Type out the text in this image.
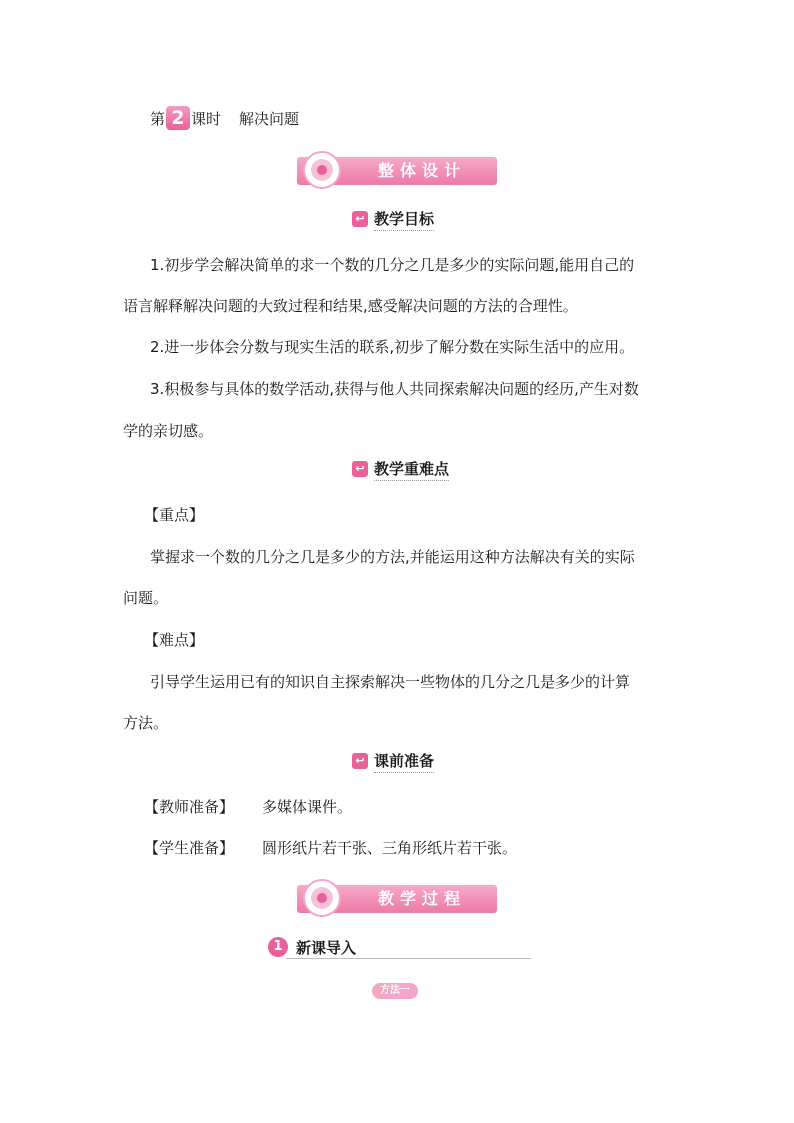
第 2 课时 解决问题
整体设计
↩ 教学目标
1.初步学会解决简单的求一个数的几分之几是多少的实际问题,能用自己的
语言解释解决问题的大致过程和结果,感受解决问题的方法的合理性。
2.进一步体会分数与现实生活的联系,初步了解分数在实际生活中的应用。
3.积极参与具体的数学活动,获得与他人共同探索解决问题的经历,产生对数
学的亲切感。
↩ 教学重难点
【重点】
掌握求一个数的几分之几是多少的方法,并能运用这种方法解决有关的实际
问题。
【难点】
引导学生运用已有的知识自主探索解决一些物体的几分之几是多少的计算
方法。
↩ 课前准备
【教师准备】 多媒体课件。
【学生准备】 圆形纸片若干张、三角形纸片若干张。
教学过程
1 新课导入
方法一
